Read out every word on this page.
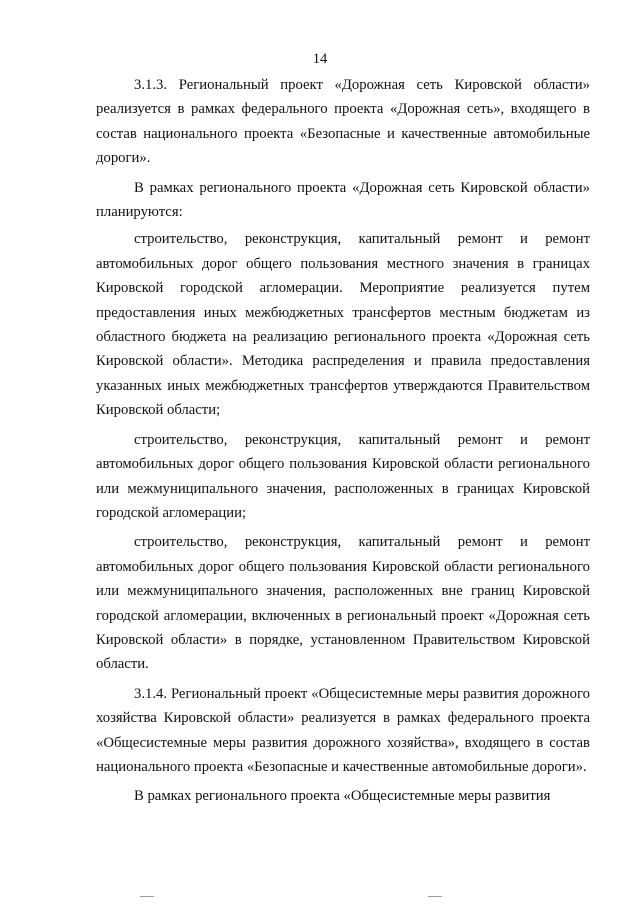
14

3.1.3. Региональный проект «Дорожная сеть Кировской области» реализуется в рамках федерального проекта «Дорожная сеть», входящего в состав национального проекта «Безопасные и качественные автомобильные дороги».

В рамках регионального проекта «Дорожная сеть Кировской области» планируются:

строительство, реконструкция, капитальный ремонт и ремонт автомобильных дорог общего пользования местного значения в границах Кировской городской агломерации. Мероприятие реализуется путем предоставления иных межбюджетных трансфертов местным бюджетам из областного бюджета на реализацию регионального проекта «Дорожная сеть Кировской области». Методика распределения и правила предоставления указанных иных межбюджетных трансфертов утверждаются Правительством Кировской области;

строительство, реконструкция, капитальный ремонт и ремонт автомобильных дорог общего пользования Кировской области регионального или межмуниципального значения, расположенных в границах Кировской городской агломерации;

строительство, реконструкция, капитальный ремонт и ремонт автомобильных дорог общего пользования Кировской области регионального или межмуниципального значения, расположенных вне границ Кировской городской агломерации, включенных в региональный проект «Дорожная сеть Кировской области» в порядке, установленном Правительством Кировской области.

3.1.4. Региональный проект «Общесистемные меры развития дорожного хозяйства Кировской области» реализуется в рамках федерального проекта «Общесистемные меры развития дорожного хозяйства», входящего в состав национального проекта «Безопасные и качественные автомобильные дороги».

В рамках регионального проекта «Общесистемные меры развития
